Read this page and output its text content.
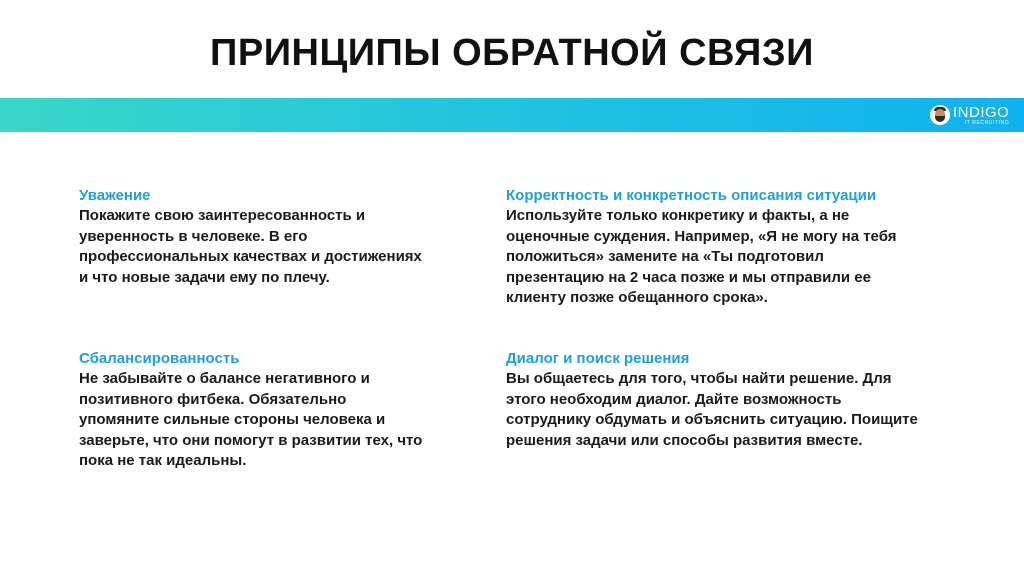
ПРИНЦИПЫ ОБРАТНОЙ СВЯЗИ
INDIGO
IT RECRUITING
Уважение
Покажите свою заинтересованность и уверенность в человеке. В его профессиональных качествах и достижениях и что новые задачи ему по плечу.
Корректность и конкретность описания ситуации
Используйте только конкретику и факты, а не оценочные суждения. Например, «Я не могу на тебя положиться» замените на «Ты подготовил презентацию на 2 часа позже и мы отправили ее клиенту позже обещанного срока».
Сбалансированность
Не забывайте о балансе негативного и позитивного фитбека. Обязательно упомяните сильные стороны человека и заверьте, что они помогут в развитии тех, что пока не так идеальны.
Диалог и поиск решения
Вы общаетесь для того, чтобы найти решение. Для этого необходим диалог. Дайте возможность сотруднику обдумать и объяснить ситуацию. Поищите решения задачи или способы развития вместе.
